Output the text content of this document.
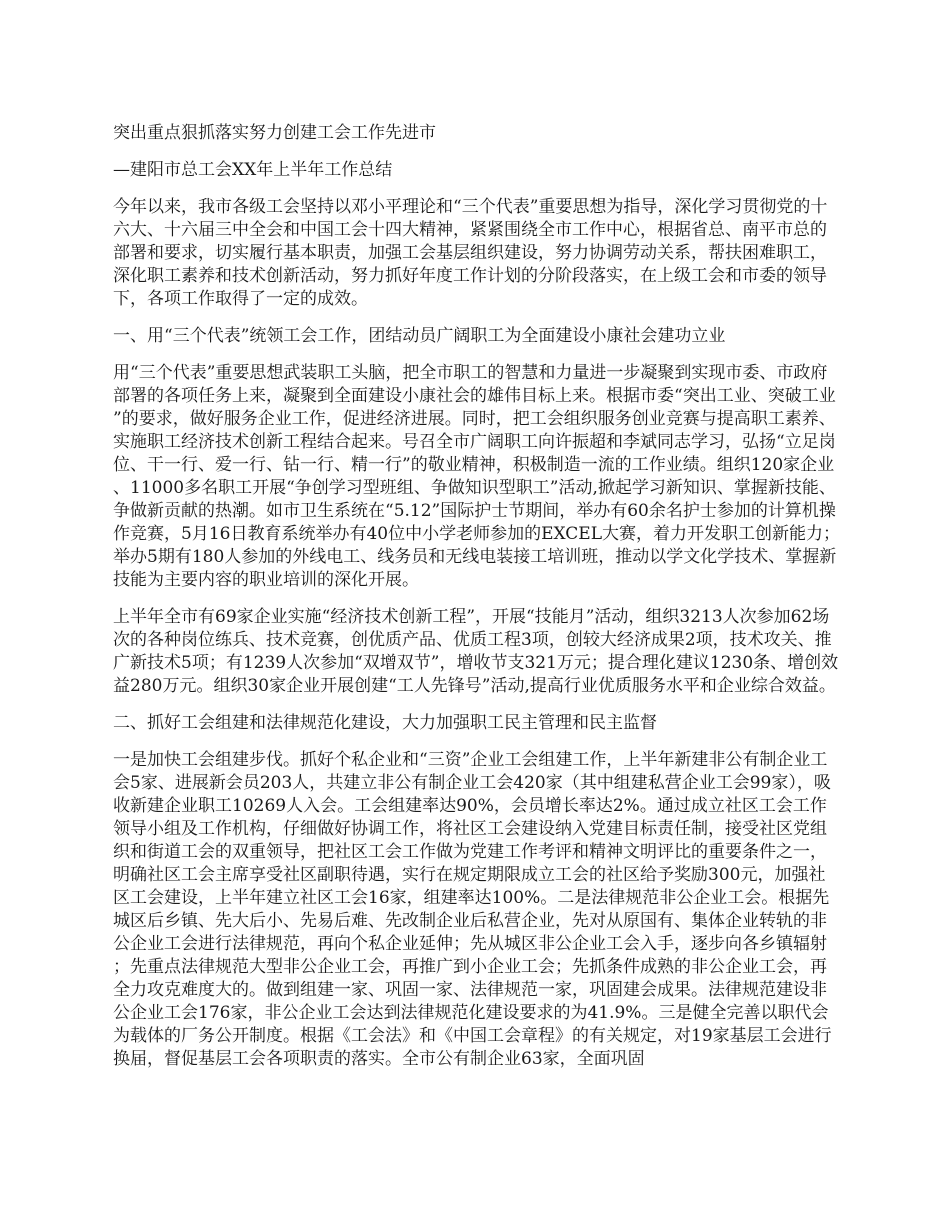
突出重点狠抓落实努力创建工会工作先进市

—建阳市总工会XX年上半年工作总结

今年以来，我市各级工会坚持以邓小平理论和“三个代表”重要思想为指导，深化学习贯彻党的十六大、十六届三中全会和中国工会十四大精神，紧紧围绕全市工作中心，根据省总、南平市总的部署和要求，切实履行基本职责，加强工会基层组织建设，努力协调劳动关系，帮扶困难职工，深化职工素养和技术创新活动，努力抓好年度工作计划的分阶段落实，在上级工会和市委的领导下，各项工作取得了一定的成效。

一、用“三个代表”统领工会工作，团结动员广阔职工为全面建设小康社会建功立业

用“三个代表”重要思想武装职工头脑，把全市职工的智慧和力量进一步凝聚到实现市委、市政府部署的各项任务上来，凝聚到全面建设小康社会的雄伟目标上来。根据市委“突出工业、突破工业”的要求，做好服务企业工作，促进经济进展。同时，把工会组织服务创业竞赛与提高职工素养、实施职工经济技术创新工程结合起来。号召全市广阔职工向许振超和李斌同志学习，弘扬“立足岗位、干一行、爱一行、钻一行、精一行”的敬业精神，积极制造一流的工作业绩。组织120家企业、11000多名职工开展“争创学习型班组、争做知识型职工”活动,掀起学习新知识、掌握新技能、争做新贡献的热潮。如市卫生系统在“5.12”国际护士节期间，举办有60余名护士参加的计算机操作竞赛，5月16日教育系统举办有40位中小学老师参加的EXCEL大赛，着力开发职工创新能力；举办5期有180人参加的外线电工、线务员和无线电装接工培训班，推动以学文化学技术、掌握新技能为主要内容的职业培训的深化开展。

上半年全市有69家企业实施“经济技术创新工程”，开展“技能月”活动，组织3213人次参加62场次的各种岗位练兵、技术竞赛，创优质产品、优质工程3项，创较大经济成果2项，技术攻关、推广新技术5项；有1239人次参加“双增双节”，增收节支321万元；提合理化建议1230条、增创效益280万元。组织30家企业开展创建“工人先锋号”活动,提高行业优质服务水平和企业综合效益。

二、抓好工会组建和法律规范化建设，大力加强职工民主管理和民主监督

一是加快工会组建步伐。抓好个私企业和“三资”企业工会组建工作，上半年新建非公有制企业工会5家、进展新会员203人，共建立非公有制企业工会420家（其中组建私营企业工会99家），吸收新建企业职工10269人入会。工会组建率达90%，会员增长率达2%。通过成立社区工会工作领导小组及工作机构，仔细做好协调工作，将社区工会建设纳入党建目标责任制，接受社区党组织和街道工会的双重领导，把社区工会工作做为党建工作考评和精神文明评比的重要条件之一，明确社区工会主席享受社区副职待遇，实行在规定期限成立工会的社区给予奖励300元，加强社区工会建设，上半年建立社区工会16家，组建率达100%。二是法律规范非公企业工会。根据先城区后乡镇、先大后小、先易后难、先改制企业后私营企业，先对从原国有、集体企业转轨的非公企业工会进行法律规范，再向个私企业延伸；先从城区非公企业工会入手，逐步向各乡镇辐射；先重点法律规范大型非公企业工会，再推广到小企业工会；先抓条件成熟的非公企业工会，再全力攻克难度大的。做到组建一家、巩固一家、法律规范一家，巩固建会成果。法律规范建设非公企业工会176家，非公企业工会达到法律规范化建设要求的为41.9%。三是健全完善以职代会为载体的厂务公开制度。根据《工会法》和《中国工会章程》的有关规定，对19家基层工会进行换届，督促基层工会各项职责的落实。全市公有制企业63家，全面巩固
